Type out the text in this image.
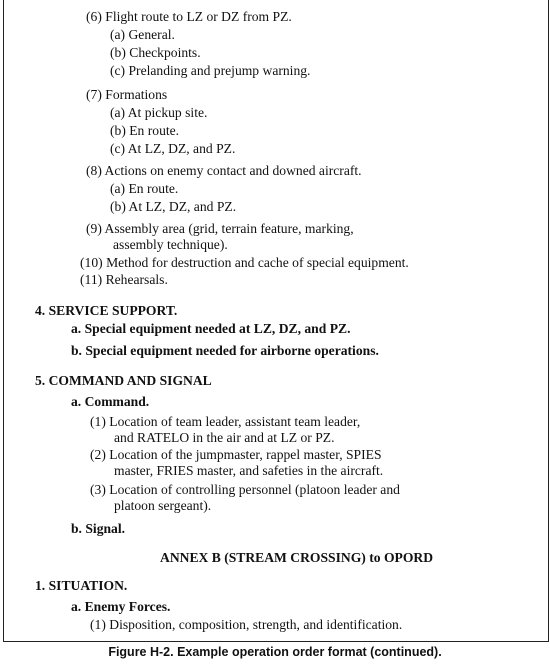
(6) Flight route to LZ or DZ from PZ.
(a) General.
(b) Checkpoints.
(c) Prelanding and prejump warning.
(7) Formations
(a) At pickup site.
(b) En route.
(c) At LZ, DZ, and PZ.
(8) Actions on enemy contact and downed aircraft.
(a) En route.
(b) At LZ, DZ, and PZ.
(9) Assembly area (grid, terrain feature, marking,
assembly technique).
(10) Method for destruction and cache of special equipment.
(11) Rehearsals.
4. SERVICE SUPPORT.
a. Special equipment needed at LZ, DZ, and PZ.
b. Special equipment needed for airborne operations.
5. COMMAND AND SIGNAL
a. Command.
(1) Location of team leader, assistant team leader,
and RATELO in the air and at LZ or PZ.
(2) Location of the jumpmaster, rappel master, SPIES
master, FRIES master, and safeties in the aircraft.
(3) Location of controlling personnel (platoon leader and
platoon sergeant).
b. Signal.
ANNEX B (STREAM CROSSING) to OPORD
1. SITUATION.
a. Enemy Forces.
(1) Disposition, composition, strength, and identification.
Figure H-2. Example operation order format (continued).
